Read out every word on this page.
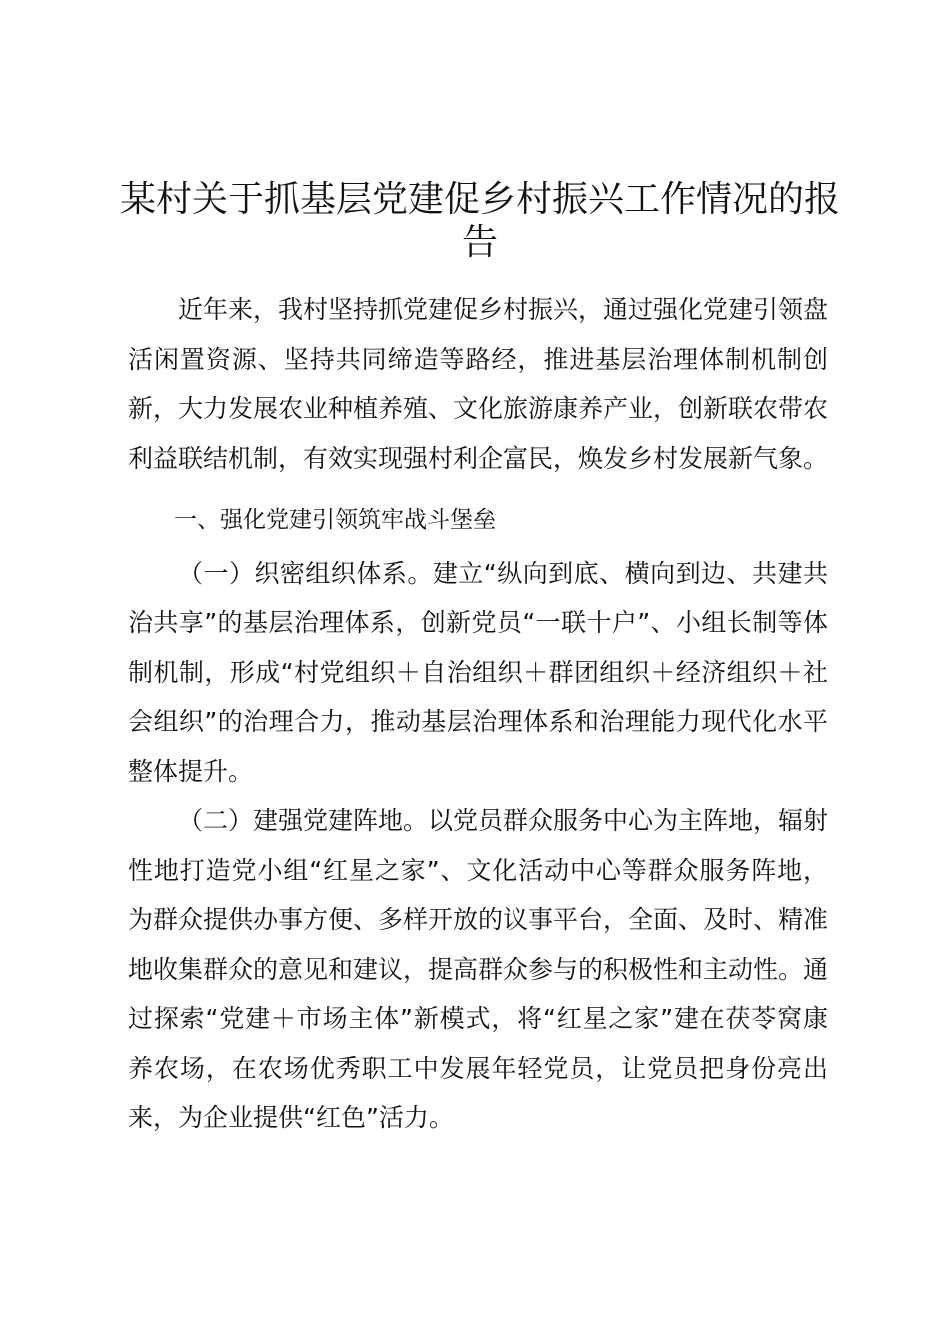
某村关于抓基层党建促乡村振兴工作情况的报告

近年来，我村坚持抓党建促乡村振兴，通过强化党建引领盘活闲置资源、坚持共同缔造等路经，推进基层治理体制机制创新，大力发展农业种植养殖、文化旅游康养产业，创新联农带农利益联结机制，有效实现强村利企富民，焕发乡村发展新气象。

一、强化党建引领筑牢战斗堡垒

（一）织密组织体系。建立“纵向到底、横向到边、共建共治共享”的基层治理体系，创新党员“一联十户”、小组长制等体制机制，形成“村党组织＋自治组织＋群团组织＋经济组织＋社会组织”的治理合力，推动基层治理体系和治理能力现代化水平整体提升。

（二）建强党建阵地。以党员群众服务中心为主阵地，辐射性地打造党小组“红星之家”、文化活动中心等群众服务阵地，为群众提供办事方便、多样开放的议事平台，全面、及时、精准地收集群众的意见和建议，提高群众参与的积极性和主动性。通过探索“党建＋市场主体”新模式，将“红星之家”建在茯苓窝康养农场，在农场优秀职工中发展年轻党员，让党员把身份亮出来，为企业提供“红色”活力。
